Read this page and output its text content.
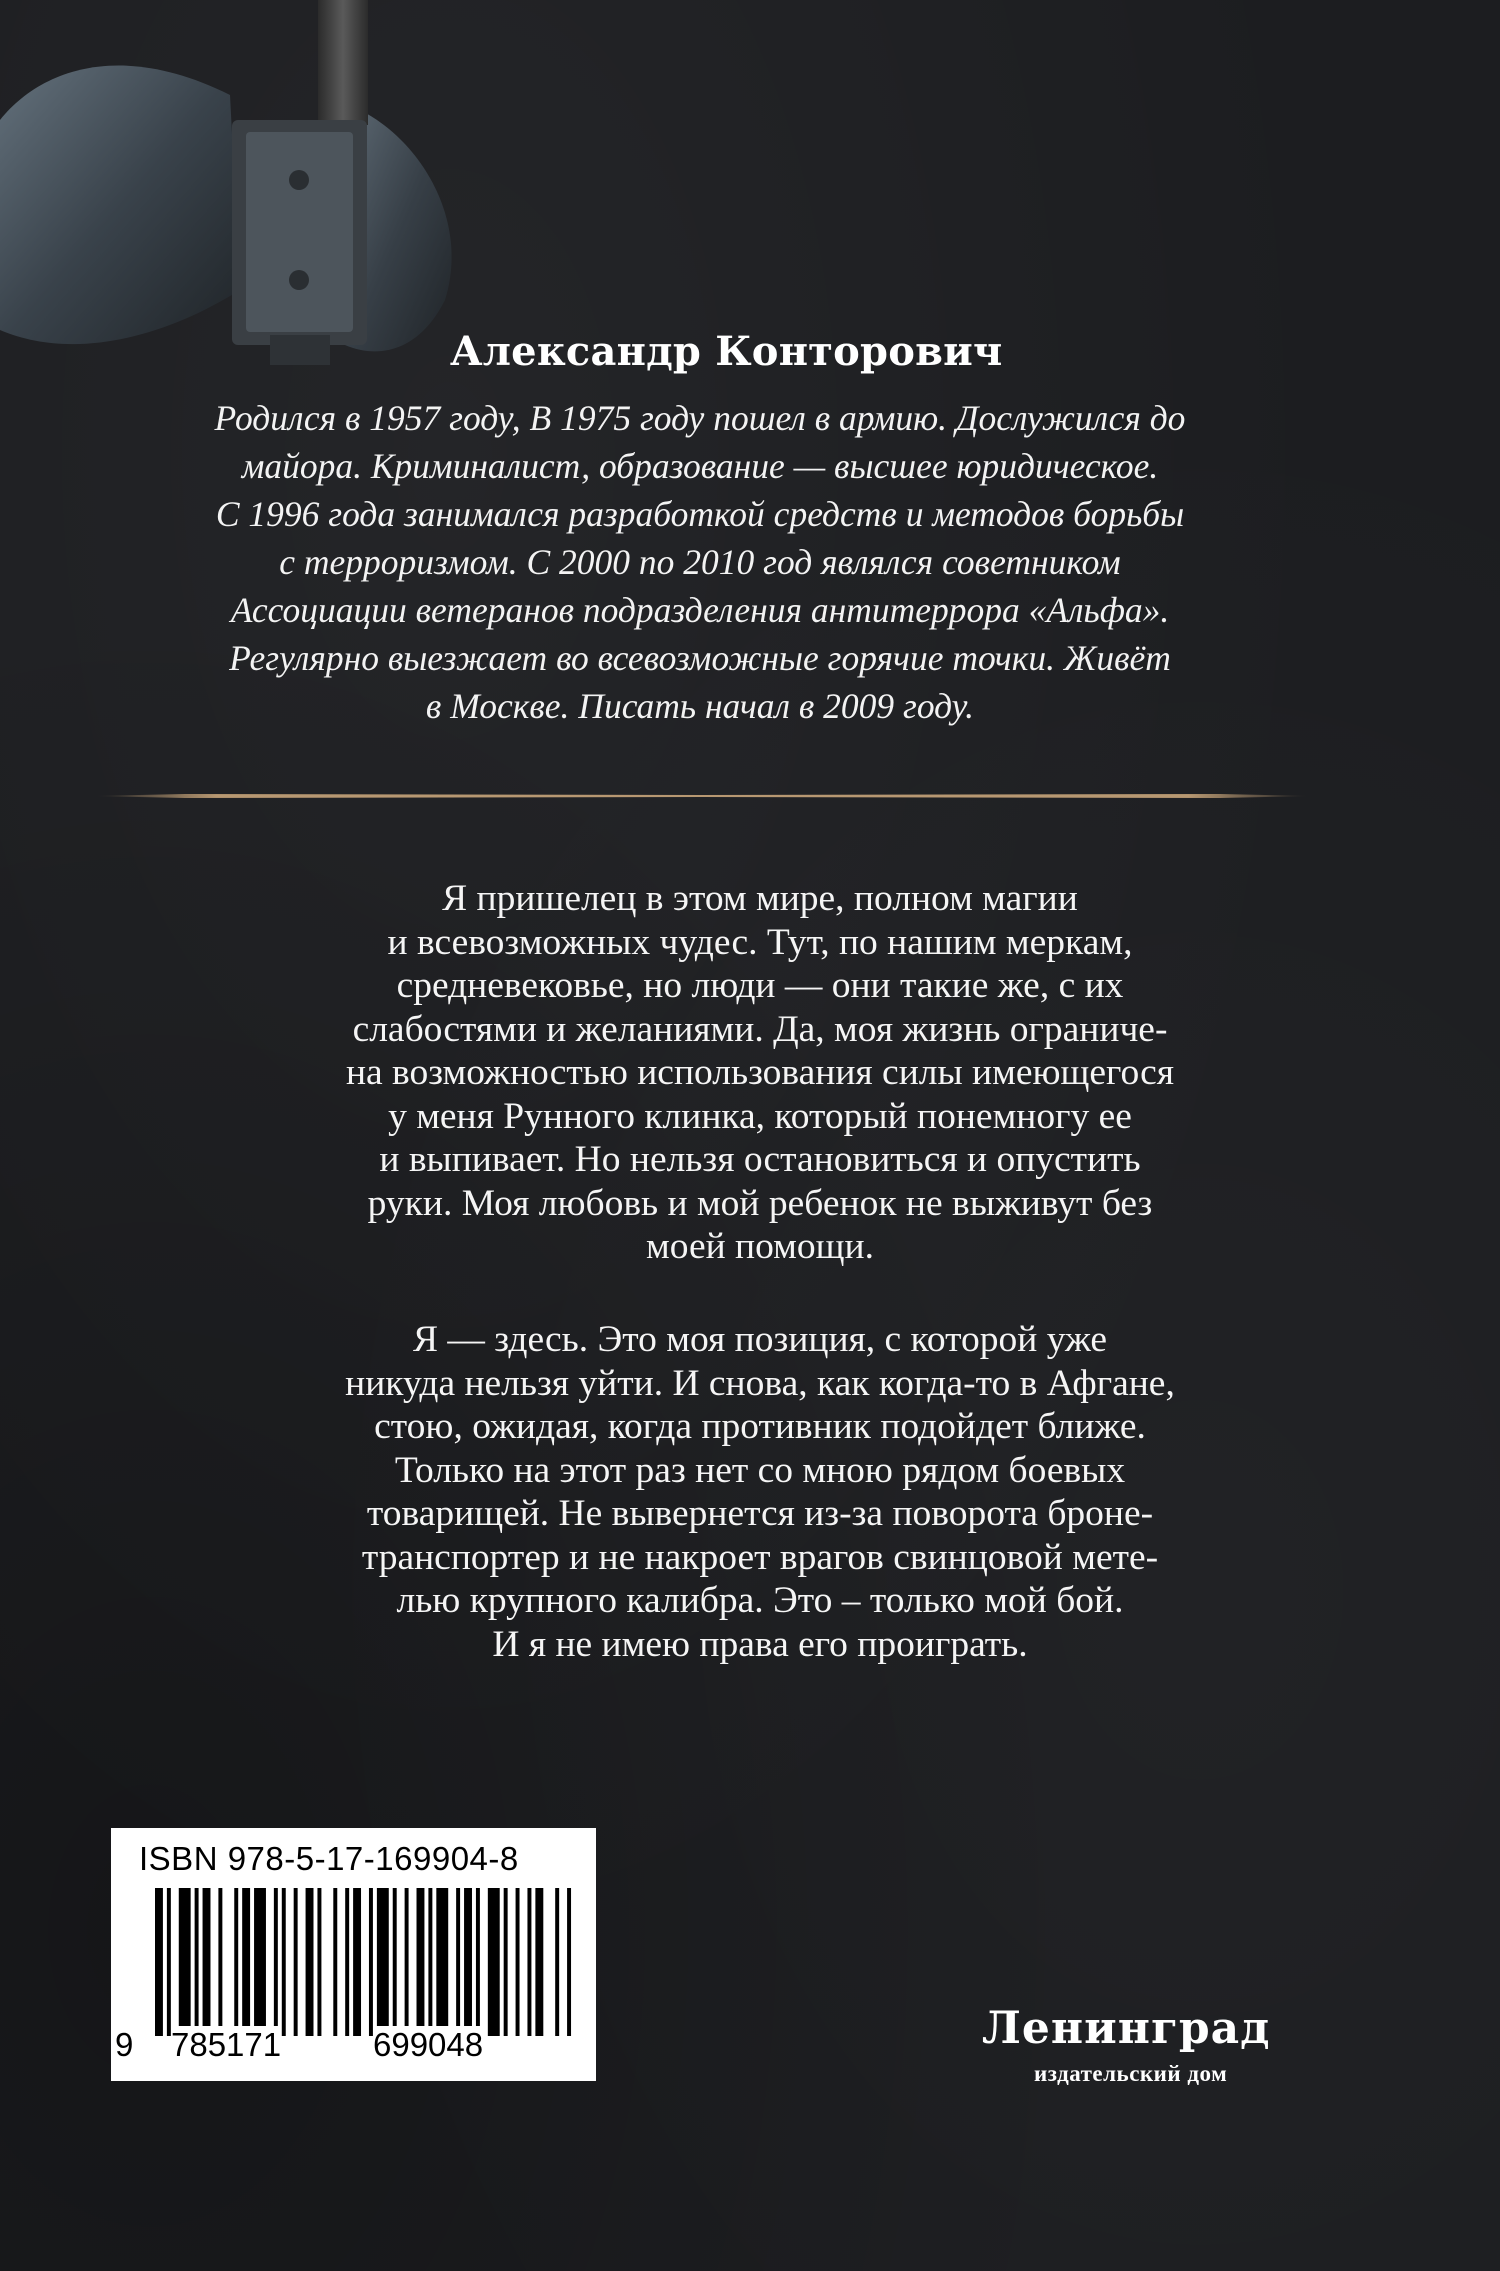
Александр Конторович
Родился в 1957 году, В 1975 году пошел в армию. Дослужился до
майора. Криминалист, образование — высшее юридическое.
С 1996 года занимался разработкой средств и методов борьбы
с терроризмом. С 2000 по 2010 год являлся советником
Ассоциации ветеранов подразделения антитеррора «Альфа».
Регулярно выезжает во всевозможные горячие точки. Живёт
в Москве. Писать начал в 2009 году.
Я пришелец в этом мире, полном магии
и всевозможных чудес. Тут, по нашим меркам,
средневековье, но люди — они такие же, с их
слабостями и желаниями. Да, моя жизнь ограниче-
на возможностью использования силы имеющегося
у меня Рунного клинка, который понемногу ее
и выпивает. Но нельзя остановиться и опустить
руки. Моя любовь и мой ребенок не выживут без
моей помощи.
Я — здесь. Это моя позиция, с которой уже
никуда нельзя уйти. И снова, как когда-то в Афгане,
стою, ожидая, когда противник подойдет ближе.
Только на этот раз нет со мною рядом боевых
товарищей. Не вывернется из-за поворота броне-
транспортер и не накроет врагов свинцовой мете-
лью крупного калибра. Это – только мой бой.
И я не имею права его проиграть.
ISBN 978-5-17-169904-8
9 785171	699048	Ленинград
издательский дом
